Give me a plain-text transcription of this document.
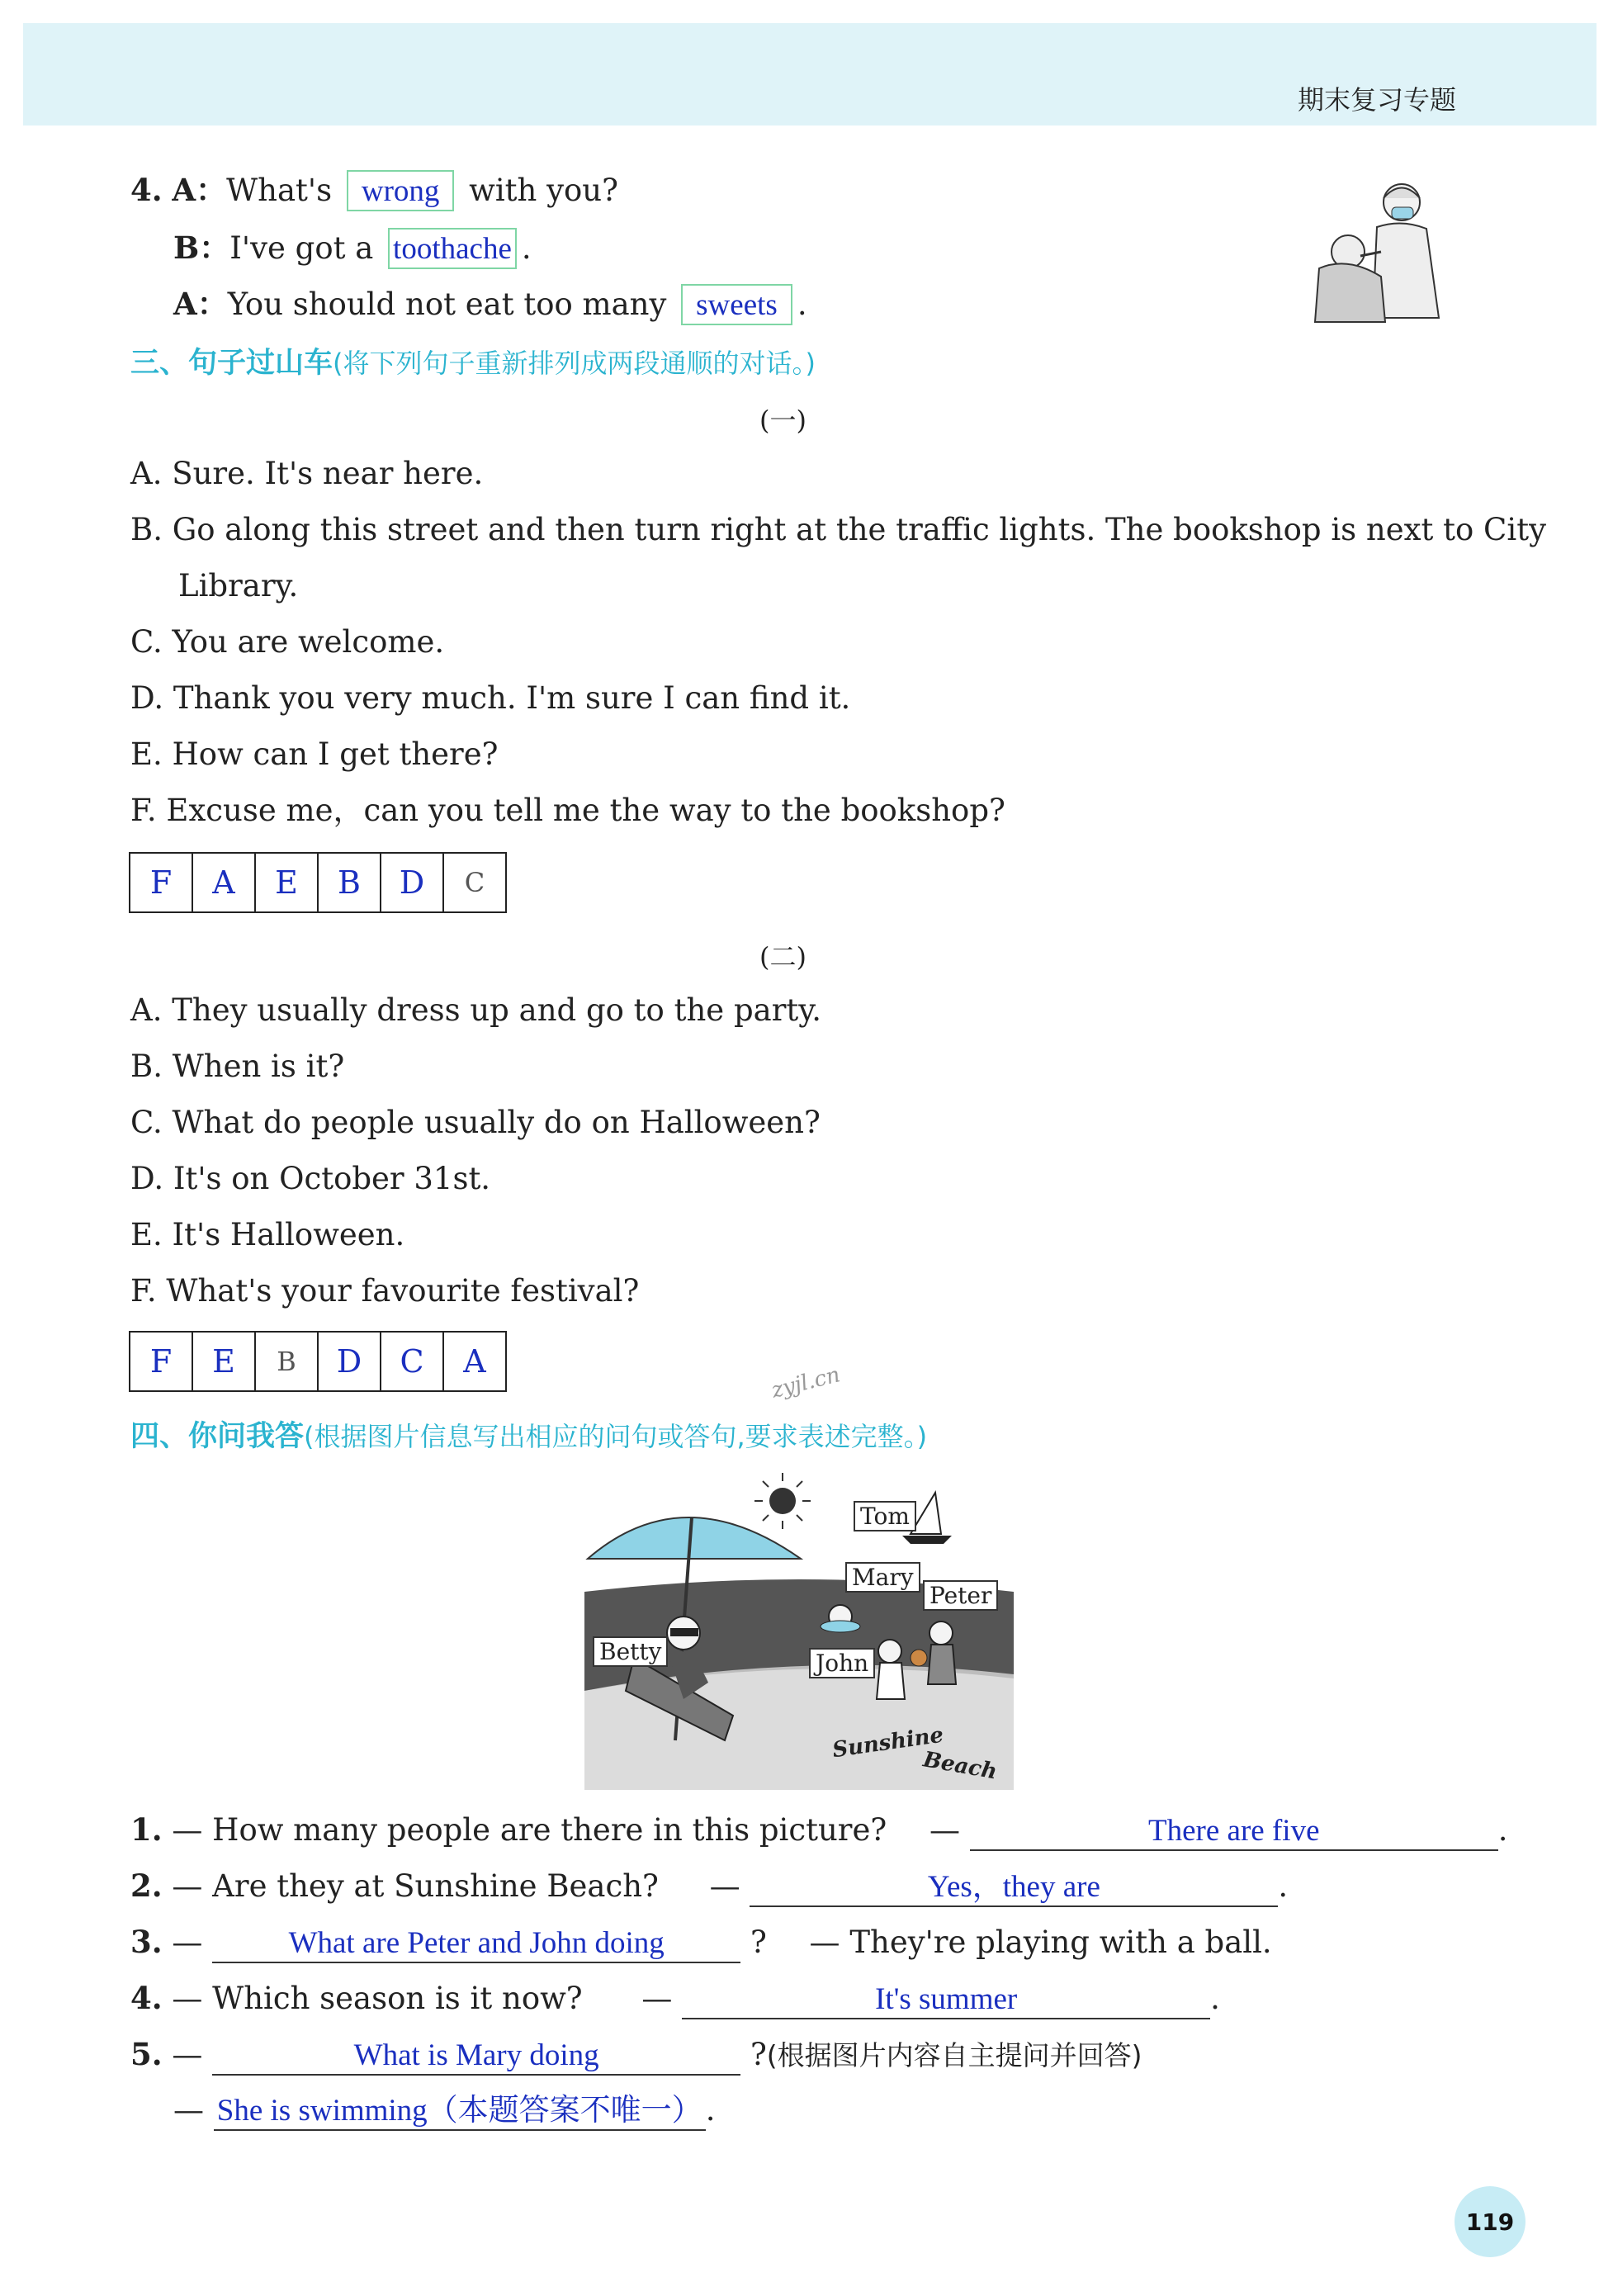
期末复习专题
4. A：What's wrong with you?
B：I've got a toothache .
A：You should not eat too many sweets .
三、句子过山车(将下列句子重新排列成两段通顺的对话。)
(一)
A. Sure. It's near here.
B. Go along this street and then turn right at the traffic lights. The bookshop is next to City
Library.
C. You are welcome.
D. Thank you very much. I'm sure I can find it.
E. How can I get there?
F. Excuse me，can you tell me the way to the bookshop?
F	A	E	B	D	C
(二)
A. They usually dress up and go to the party.
B. When is it?
C. What do people usually do on Halloween?
D. It's on October 31st.
E. It's Halloween.
F. What's your favourite festival?
F	E	B	D	C	A
zyjl.cn
四、你问我答(根据图片信息写出相应的问句或答句,要求表述完整。)
Tom
Mary
Peter
Betty	John
Sunshine
Beach
1. — How many people are there in this picture? —	There are five	.
2. — Are they at Sunshine Beach? —	Yes，they are	.
3. —	What are Peter and John doing	? — They're playing with a ball.
4. — Which season is it now? —	It's summer	.
5. —	What is Mary doing	?(根据图片内容自主提问并回答)
— She is swimming（本题答案不唯一） .
119
